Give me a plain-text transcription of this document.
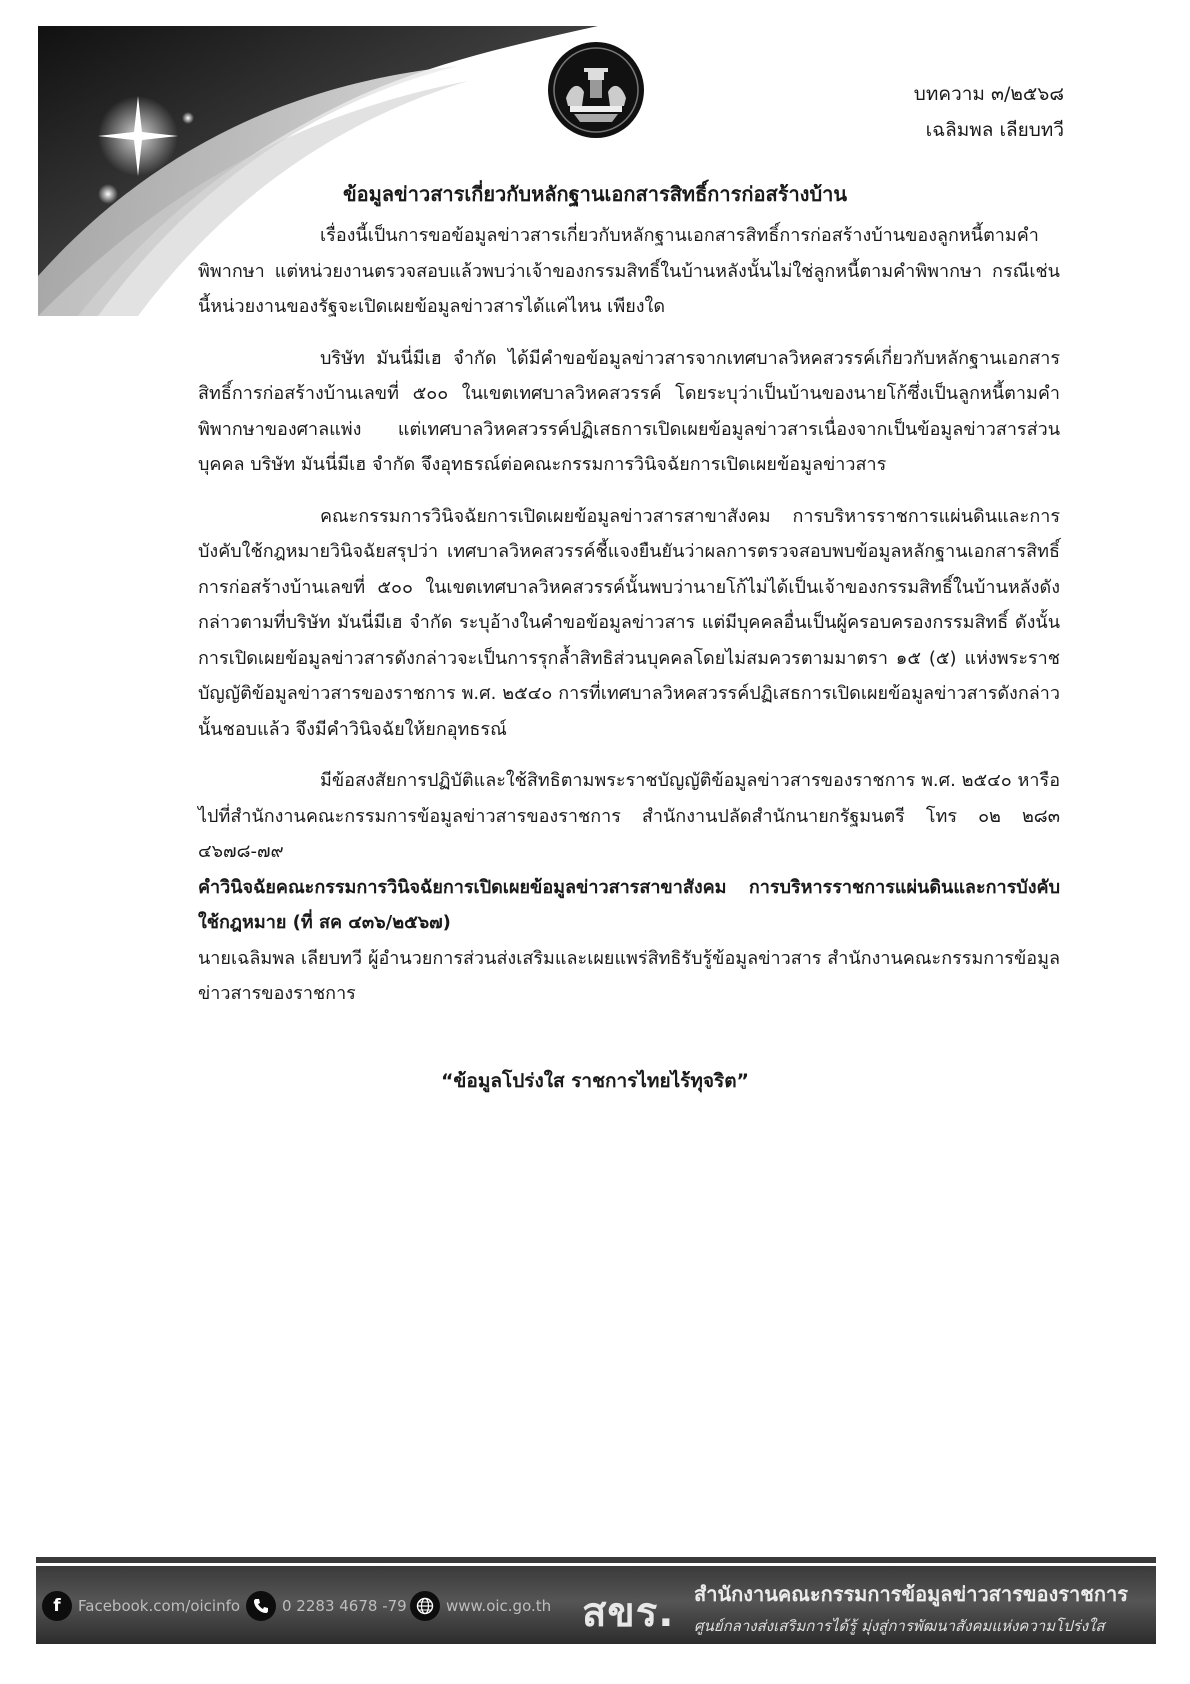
บทความ ๓/๒๕๖๘
เฉลิมพล เลียบทวี
ข้อมูลข่าวสารเกี่ยวกับหลักฐานเอกสารสิทธิ์การก่อสร้างบ้าน

เรื่องนี้เป็นการขอข้อมูลข่าวสารเกี่ยวกับหลักฐานเอกสารสิทธิ์การก่อสร้างบ้านของลูกหนี้ตามคำพิพากษา แต่หน่วยงานตรวจสอบแล้วพบว่าเจ้าของกรรมสิทธิ์ในบ้านหลังนั้นไม่ใช่ลูกหนี้ตามคำพิพากษา กรณีเช่นนี้หน่วยงานของรัฐจะเปิดเผยข้อมูลข่าวสารได้แค่ไหน เพียงใด

บริษัท มันนี่มีเฮ จำกัด ได้มีคำขอข้อมูลข่าวสารจากเทศบาลวิหคสวรรค์เกี่ยวกับหลักฐานเอกสารสิทธิ์การก่อสร้างบ้านเลขที่ ๕๐๐ ในเขตเทศบาลวิหคสวรรค์ โดยระบุว่าเป็นบ้านของนายโก้ซึ่งเป็นลูกหนี้ตามคำพิพากษาของศาลแพ่ง แต่เทศบาลวิหคสวรรค์ปฏิเสธการเปิดเผยข้อมูลข่าวสารเนื่องจากเป็นข้อมูลข่าวสารส่วนบุคคล บริษัท มันนี่มีเฮ จำกัด จึงอุทธรณ์ต่อคณะกรรมการวินิจฉัยการเปิดเผยข้อมูลข่าวสาร

คณะกรรมการวินิจฉัยการเปิดเผยข้อมูลข่าวสารสาขาสังคม การบริหารราชการแผ่นดินและการบังคับใช้กฎหมายวินิจฉัยสรุปว่า เทศบาลวิหคสวรรค์ชี้แจงยืนยันว่าผลการตรวจสอบพบข้อมูลหลักฐานเอกสารสิทธิ์การก่อสร้างบ้านเลขที่ ๕๐๐ ในเขตเทศบาลวิหคสวรรค์นั้นพบว่านายโก้ไม่ได้เป็นเจ้าของกรรมสิทธิ์ในบ้านหลังดังกล่าวตามที่บริษัท มันนี่มีเฮ จำกัด ระบุอ้างในคำขอข้อมูลข่าวสาร แต่มีบุคคลอื่นเป็นผู้ครอบครองกรรมสิทธิ์ ดังนั้น การเปิดเผยข้อมูลข่าวสารดังกล่าวจะเป็นการรุกล้ำสิทธิส่วนบุคคลโดยไม่สมควรตามมาตรา ๑๕ (๕) แห่งพระราชบัญญัติข้อมูลข่าวสารของราชการ พ.ศ. ๒๕๔๐ การที่เทศบาลวิหคสวรรค์ปฏิเสธการเปิดเผยข้อมูลข่าวสารดังกล่าวนั้นชอบแล้ว จึงมีคำวินิจฉัยให้ยกอุทธรณ์

มีข้อสงสัยการปฏิบัติและใช้สิทธิตามพระราชบัญญัติข้อมูลข่าวสารของราชการ พ.ศ. ๒๕๔๐ หารือไปที่สำนักงานคณะกรรมการข้อมูลข่าวสารของราชการ สำนักงานปลัดสำนักนายกรัฐมนตรี โทร ๐๒ ๒๘๓ ๔๖๗๘-๗๙

คำวินิจฉัยคณะกรรมการวินิจฉัยการเปิดเผยข้อมูลข่าวสารสาขาสังคม การบริหารราชการแผ่นดินและการบังคับใช้กฎหมาย (ที่ สค ๔๓๖/๒๕๖๗)

นายเฉลิมพล เลียบทวี ผู้อำนวยการส่วนส่งเสริมและเผยแพร่สิทธิรับรู้ข้อมูลข่าวสาร สำนักงานคณะกรรมการข้อมูลข่าวสารของราชการ

“ข้อมูลโปร่งใส ราชการไทยไร้ทุจริต”
f	Facebook.com/oicinfo	0 2283 4678 -79	www.oic.go.th สขร. สำนักงานคณะกรรมการข้อมูลข่าวสารของราชการ
ศูนย์กลางส่งเสริมการได้รู้ มุ่งสู่การพัฒนาสังคมแห่งความโปร่งใส
